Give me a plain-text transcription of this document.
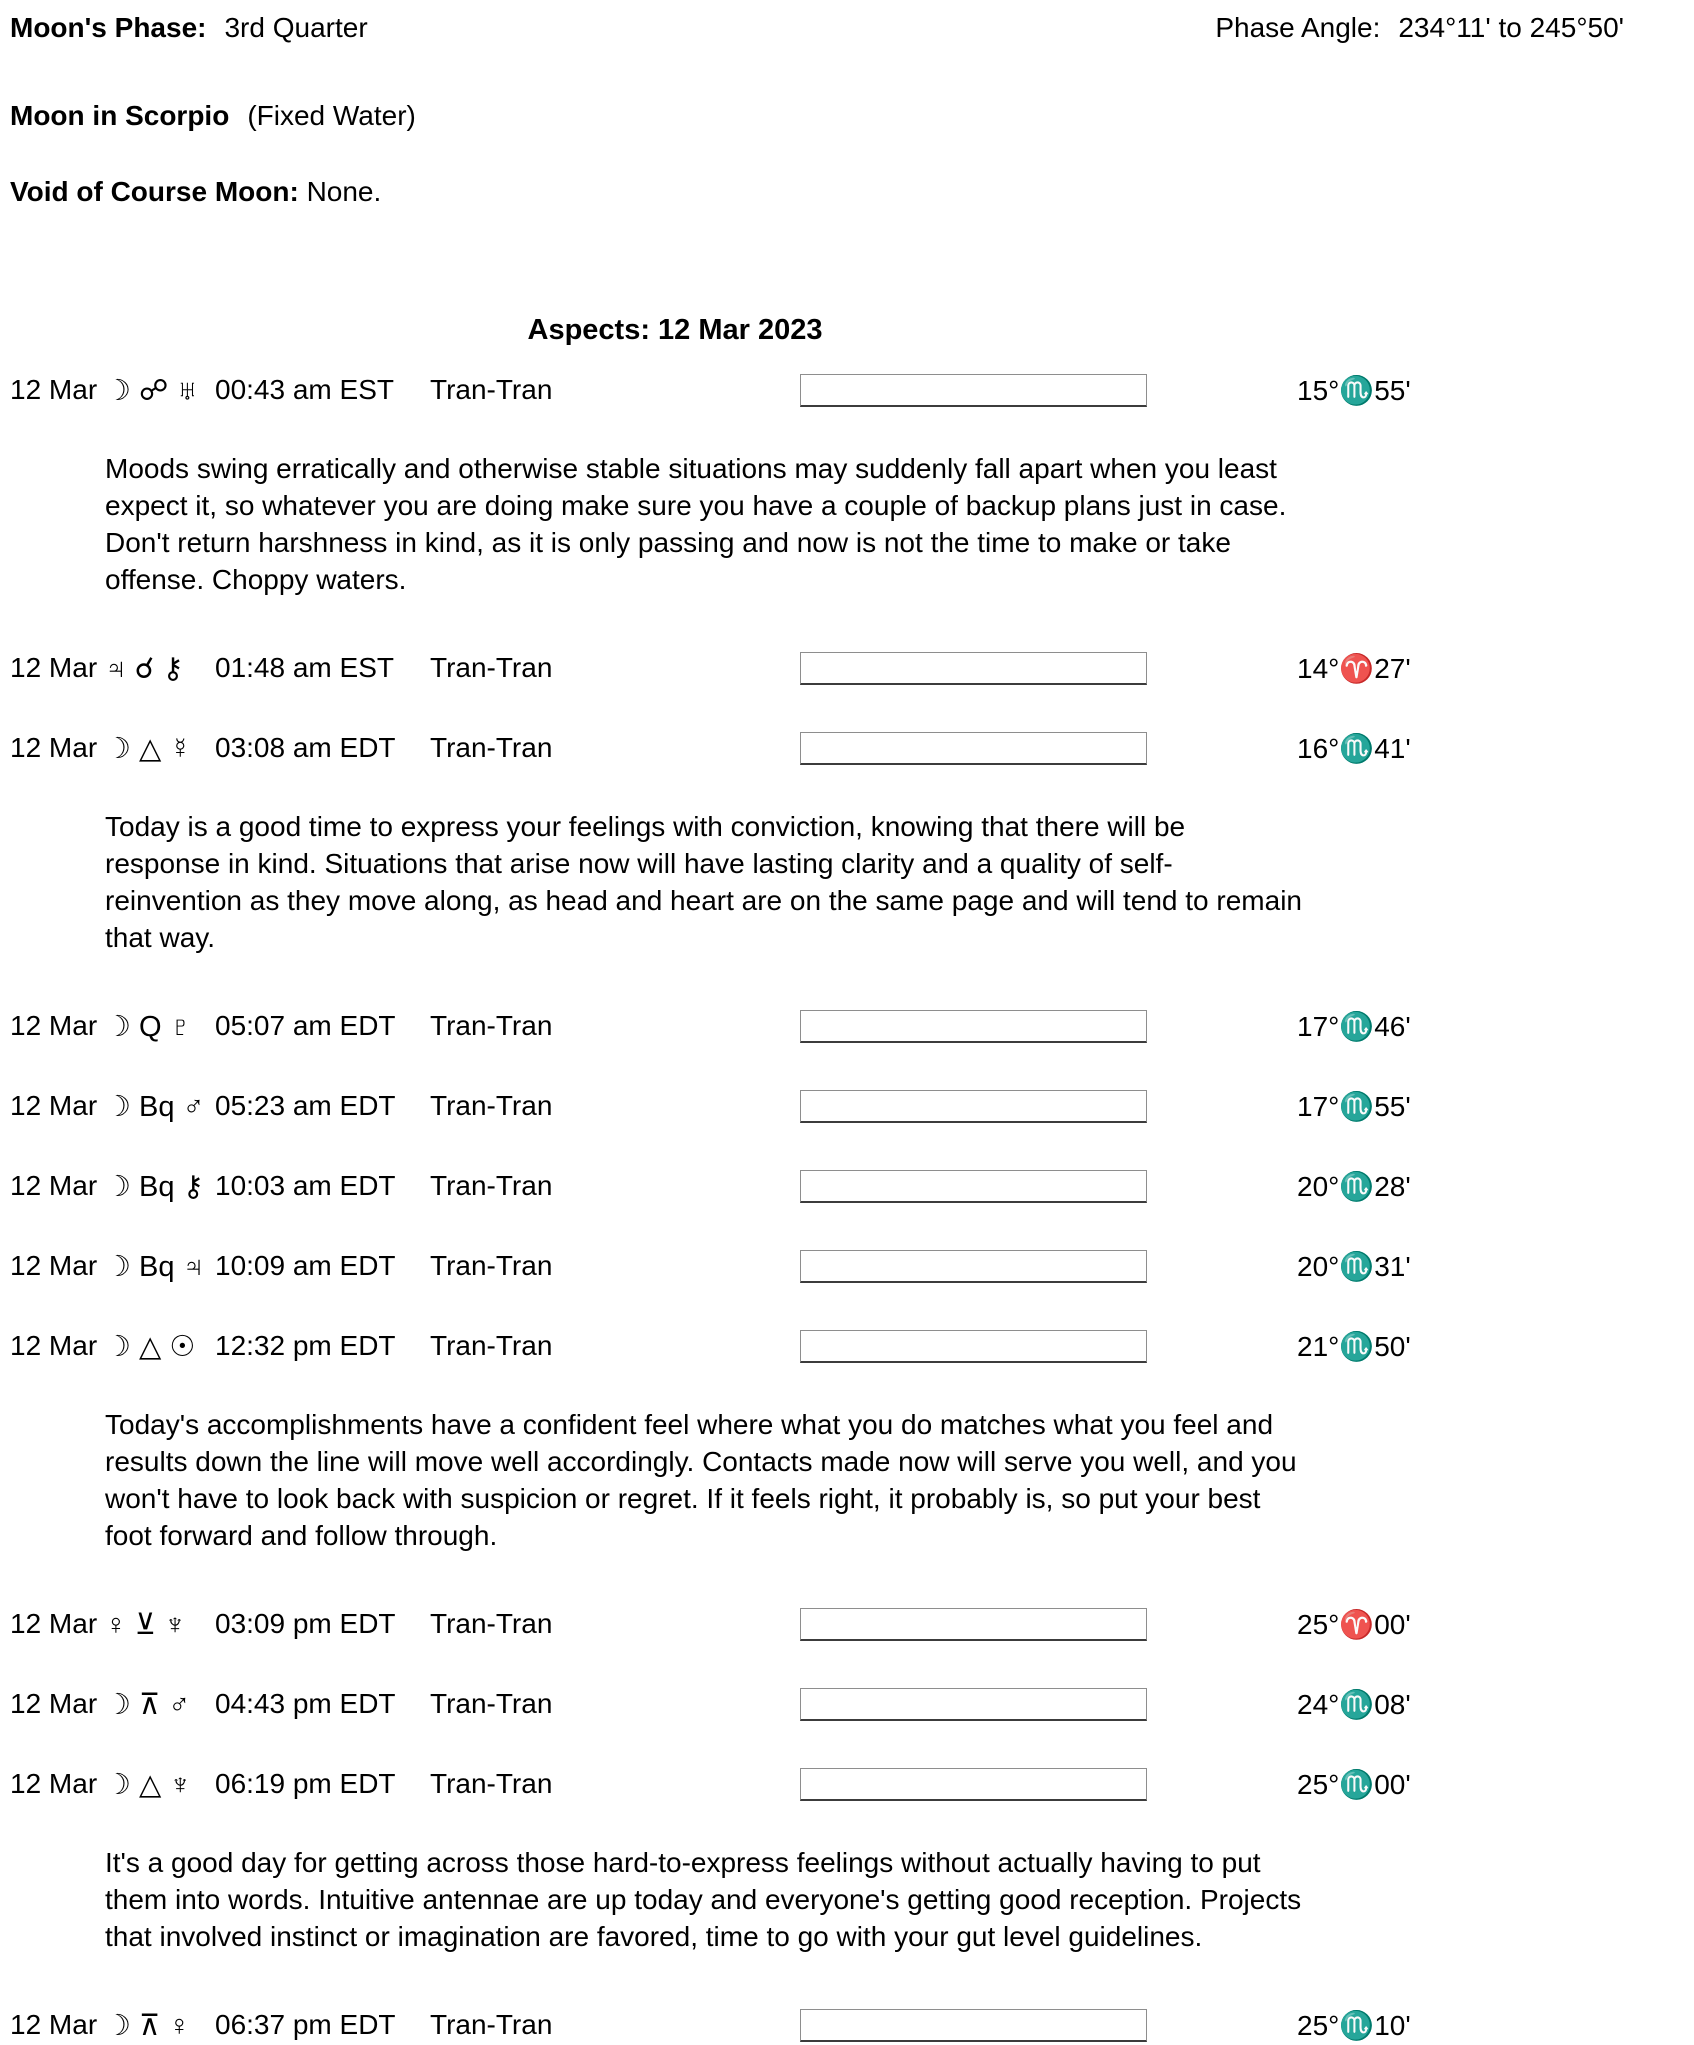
Moon's Phase: 3rd Quarter	Phase Angle: 234°11' to 245°50'
Moon in Scorpio (Fixed Water)
Void of Course Moon: None.
Aspects: 12 Mar 2023
12 Mar ☽ ☍ ♅ 00:43 am EST	Tran-Tran	15°♏55'
Moods swing erratically and otherwise stable situations may suddenly fall apart when you least expect it, so whatever you are doing make sure you have a couple of backup plans just in case. Don't return harshness in kind, as it is only passing and now is not the time to make or take offense. Choppy waters.
12 Mar ♃ ☌ ⚷	01:48 am EST	Tran-Tran	14°♈27'
12 Mar ☽ △ ☿ 03:08 am EDT	Tran-Tran	16°♏41'
Today is a good time to express your feelings with conviction, knowing that there will be response in kind. Situations that arise now will have lasting clarity and a quality of self-reinvention as they move along, as head and heart are on the same page and will tend to remain that way.
12 Mar ☽ Q ♇ 05:07 am EDT	Tran-Tran	17°♏46'
12 Mar ☽ Bq ♂ 05:23 am EDT	Tran-Tran	17°♏55'
12 Mar ☽ Bq ⚷ 10:03 am EDT	Tran-Tran	20°♏28'
12 Mar ☽ Bq ♃ 10:09 am EDT	Tran-Tran	20°♏31'
12 Mar ☽ △ ☉ 12:32 pm EDT	Tran-Tran	21°♏50'
Today's accomplishments have a confident feel where what you do matches what you feel and results down the line will move well accordingly. Contacts made now will serve you well, and you won't have to look back with suspicion or regret. If it feels right, it probably is, so put your best foot forward and follow through.
12 Mar ♀ ⊻ ♆	03:09 pm EDT	Tran-Tran	25°♈00'
12 Mar ☽ ⊼ ♂ 04:43 pm EDT	Tran-Tran	24°♏08'
12 Mar ☽ △ ♆ 06:19 pm EDT	Tran-Tran	25°♏00'
It's a good day for getting across those hard-to-express feelings without actually having to put them into words. Intuitive antennae are up today and everyone's getting good reception. Projects that involved instinct or imagination are favored, time to go with your gut level guidelines.
12 Mar ☽ ⊼ ♀ 06:37 pm EDT	Tran-Tran	25°♏10'
